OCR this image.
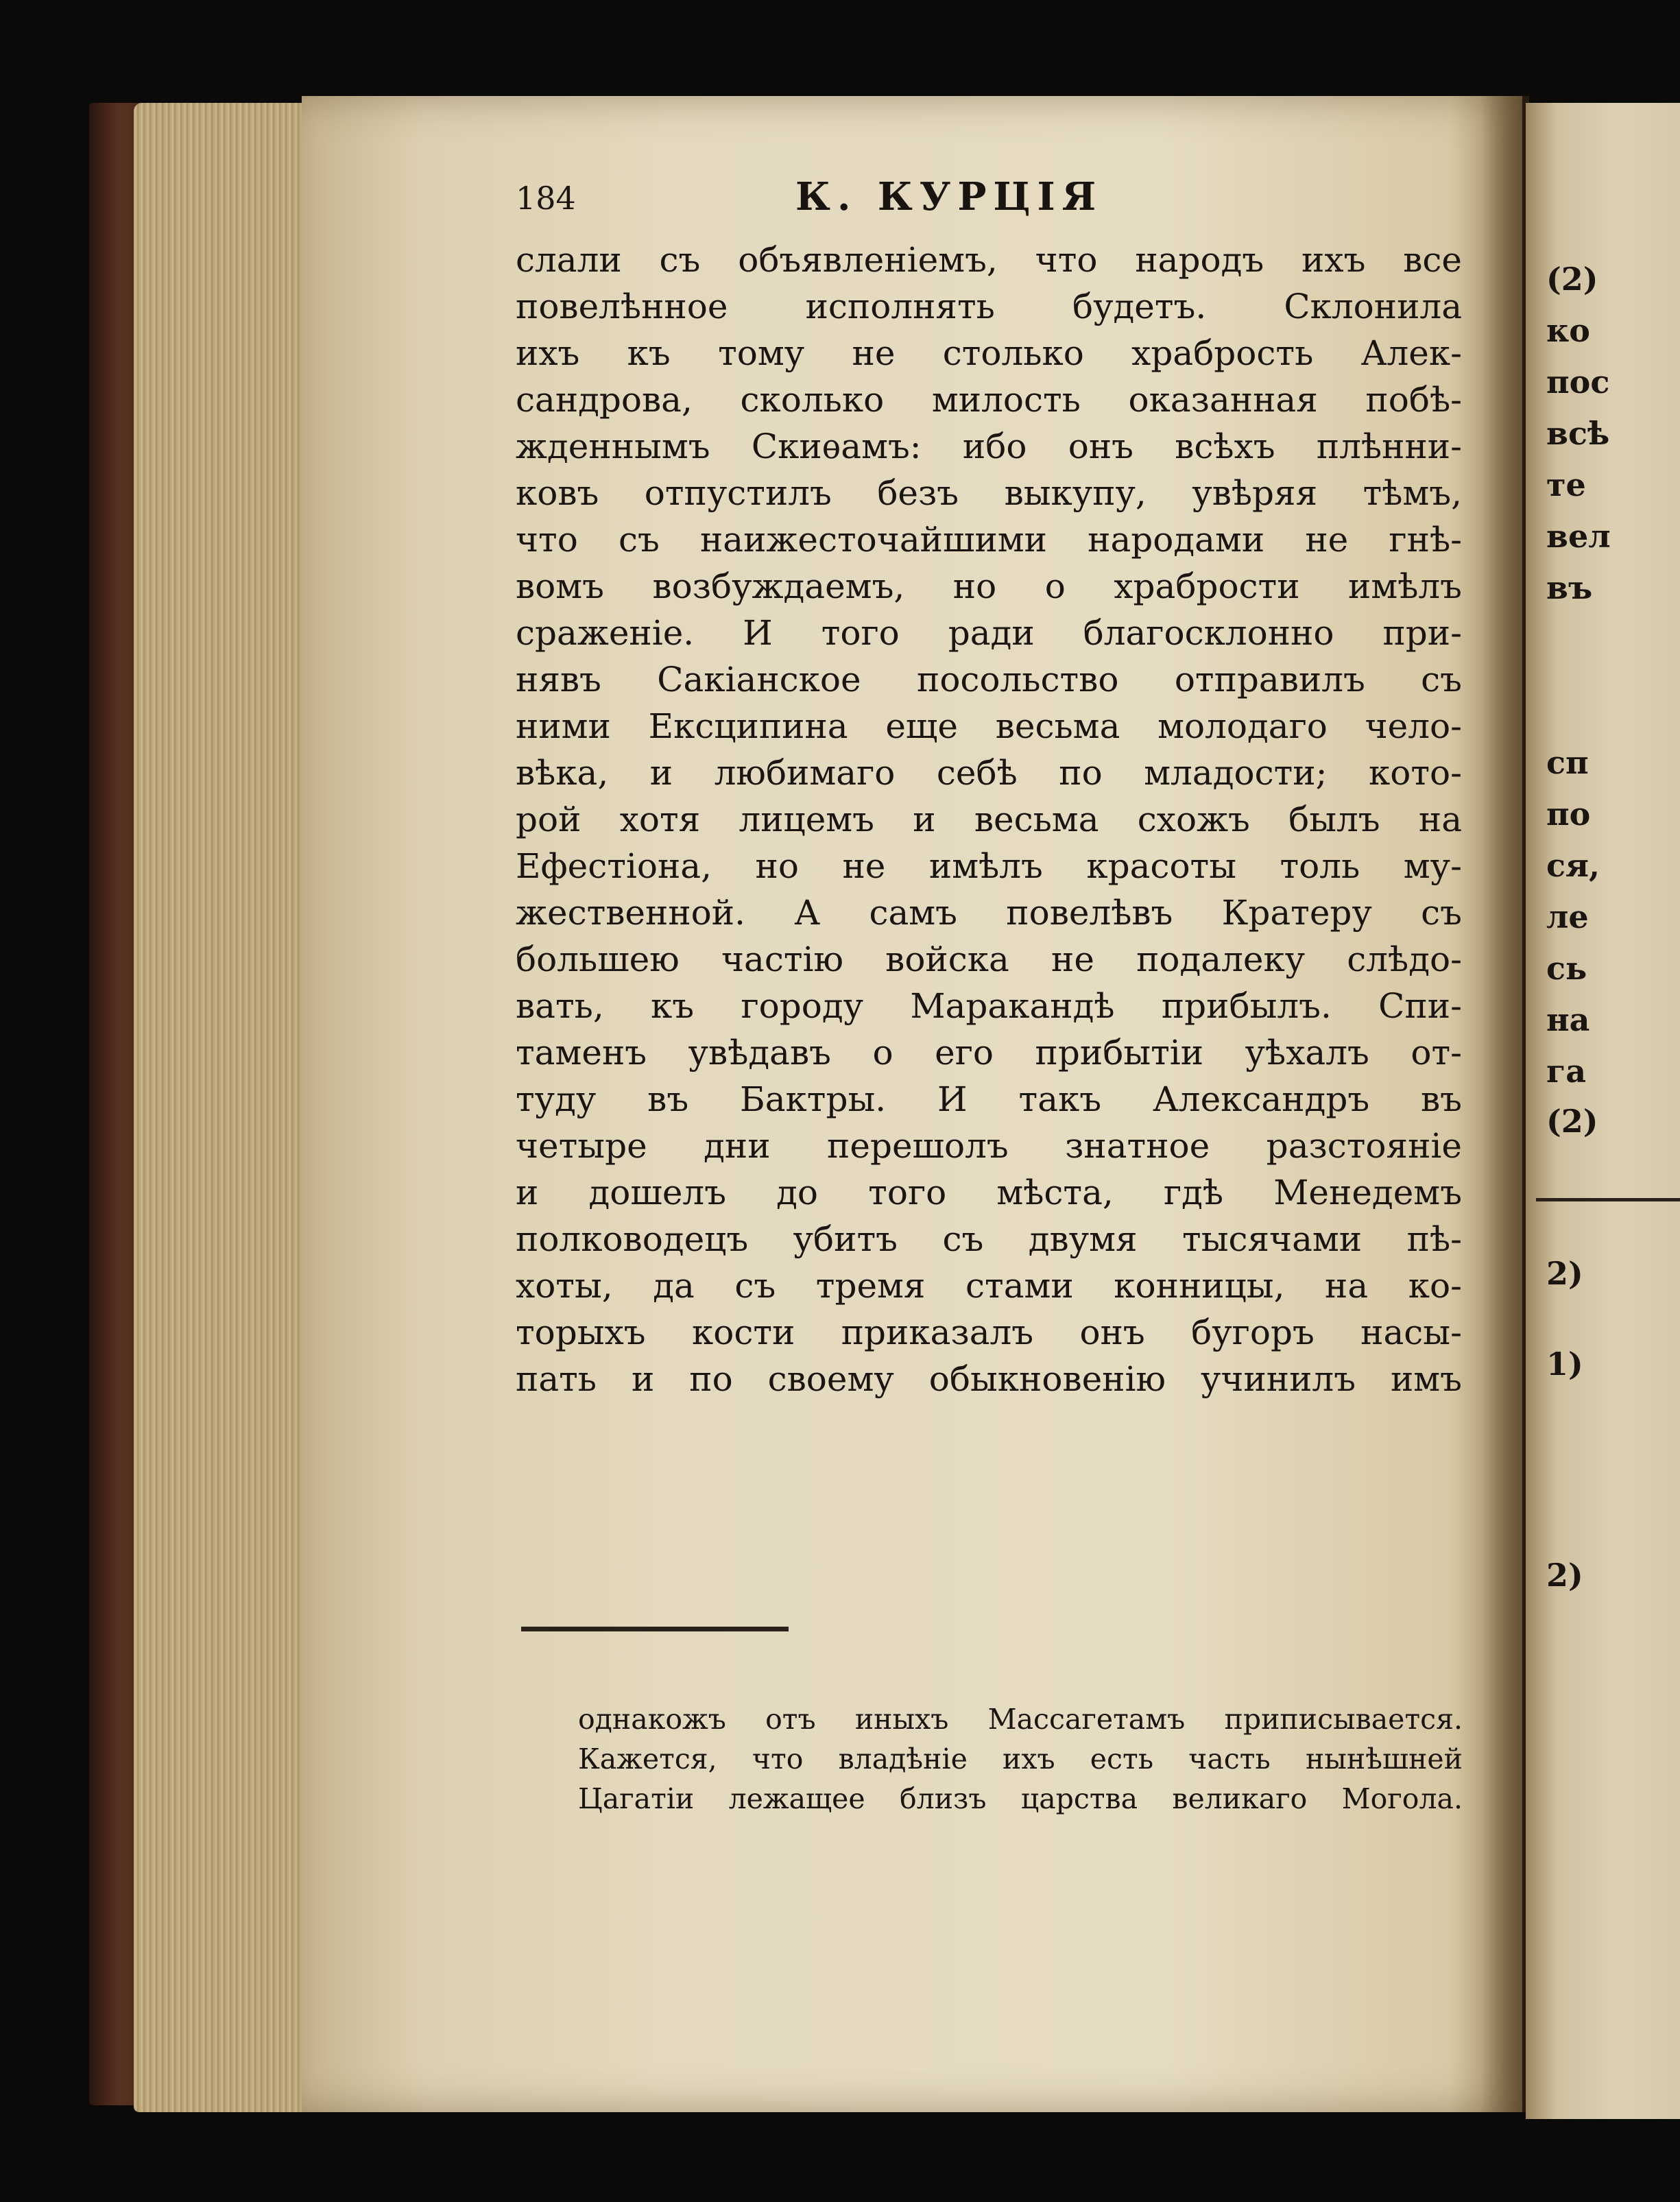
(2)
ко
пос
всѣ
те
вел
въ
сп
по
ся,
ле
сь
на
га
(2)
2)
1)
2)
184	К. КУРЦІЯ
слали съ объявленіемъ, что народъ ихъ все
повелѣнное исполнять будетъ. Склонила
ихъ къ тому не столько храбрость Алек-
сандрова, сколько милость оказанная побѣ-
жденнымъ Скиѳамъ: ибо онъ всѣхъ плѣнни-
ковъ отпустилъ безъ выкупу, увѣряя тѣмъ,
что съ наижесточайшими народами не гнѣ-
вомъ возбуждаемъ, но о храбрости имѣлъ
сраженіе. И того ради благосклонно при-
нявъ Сакіанское посольство отправилъ съ
ними Ексципина еще весьма молодаго чело-
вѣка, и любимаго себѣ по младости; кото-
рой хотя лицемъ и весьма схожъ былъ на
Ефестіона, но не имѣлъ красоты толь му-
жественной. А самъ повелѣвъ Кратеру съ
большею частію войска не подалеку слѣдо-
вать, къ городу Маракандѣ прибылъ. Спи-
таменъ увѣдавъ о его прибытіи уѣхалъ от-
туду въ Бактры. И такъ Александръ въ
четыре дни перешолъ знатное разстояніе
и дошелъ до того мѣста, гдѣ Менедемъ
полководецъ убитъ съ двумя тысячами пѣ-
хоты, да съ тремя стами конницы, на ко-
торыхъ кости приказалъ онъ бугоръ насы-
пать и по своему обыкновенію учинилъ имъ
однакожъ отъ иныхъ Массагетамъ приписывается.
Кажется, что владѣніе ихъ есть часть нынѣшней
Цагатіи лежащее близъ царства великаго Могола.
